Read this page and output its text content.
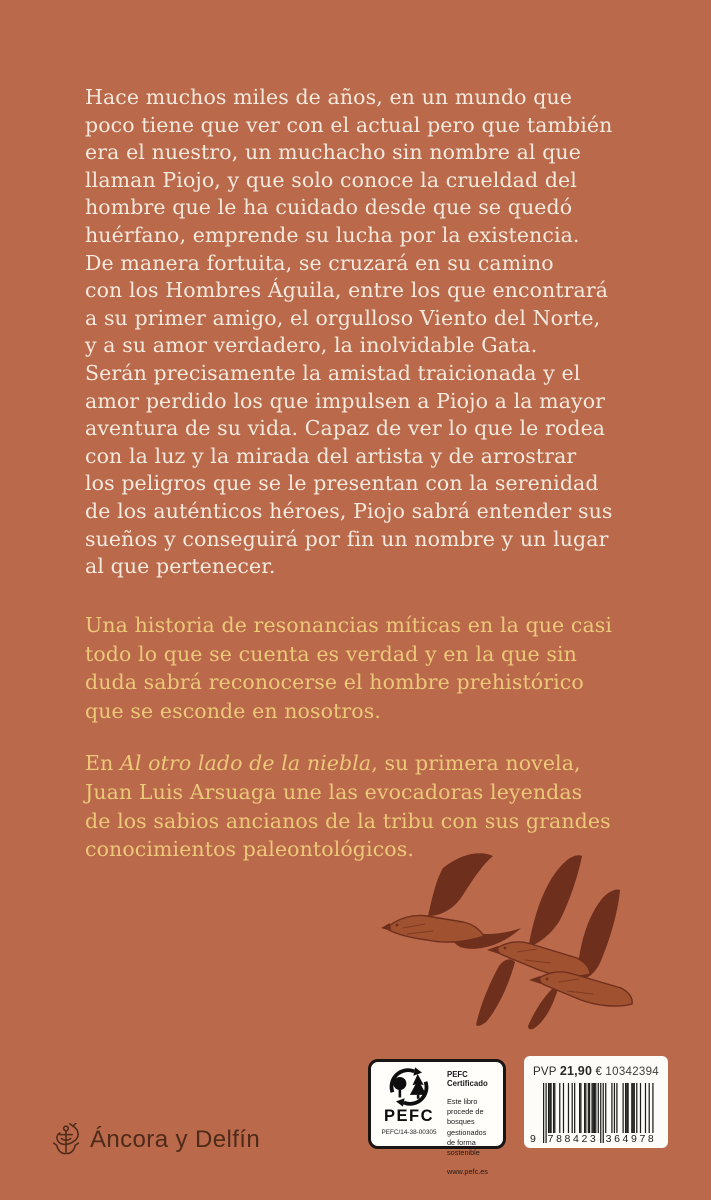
Hace muchos miles de años, en un mundo que
poco tiene que ver con el actual pero que también
era el nuestro, un muchacho sin nombre al que
llaman Piojo, y que solo conoce la crueldad del
hombre que le ha cuidado desde que se quedó
huérfano, emprende su lucha por la existencia.
De manera fortuita, se cruzará en su camino
con los Hombres Águila, entre los que encontrará
a su primer amigo, el orgulloso Viento del Norte,
y a su amor verdadero, la inolvidable Gata.
Serán precisamente la amistad traicionada y el
amor perdido los que impulsen a Piojo a la mayor
aventura de su vida. Capaz de ver lo que le rodea
con la luz y la mirada del artista y de arrostrar
los peligros que se le presentan con la serenidad
de los auténticos héroes, Piojo sabrá entender sus
sueños y conseguirá por fin un nombre y un lugar
al que pertenecer.
Una historia de resonancias míticas en la que casi
todo lo que se cuenta es verdad y en la que sin
duda sabrá reconocerse el hombre prehistórico
que se esconde en nosotros.
En Al otro lado de la niebla, su primera novela,
Juan Luis Arsuaga une las evocadoras leyendas
de los sabios ancianos de la tribu con sus grandes
conocimientos paleontológicos.
PEFC
PEFC/14-38-00305
PEFC Certificado
Este libro procede de
bosques gestionados
de forma sostenible
www.pefc.es
PVP 21,90 € 10342394
9 788423 364978
Áncora y Delfín
